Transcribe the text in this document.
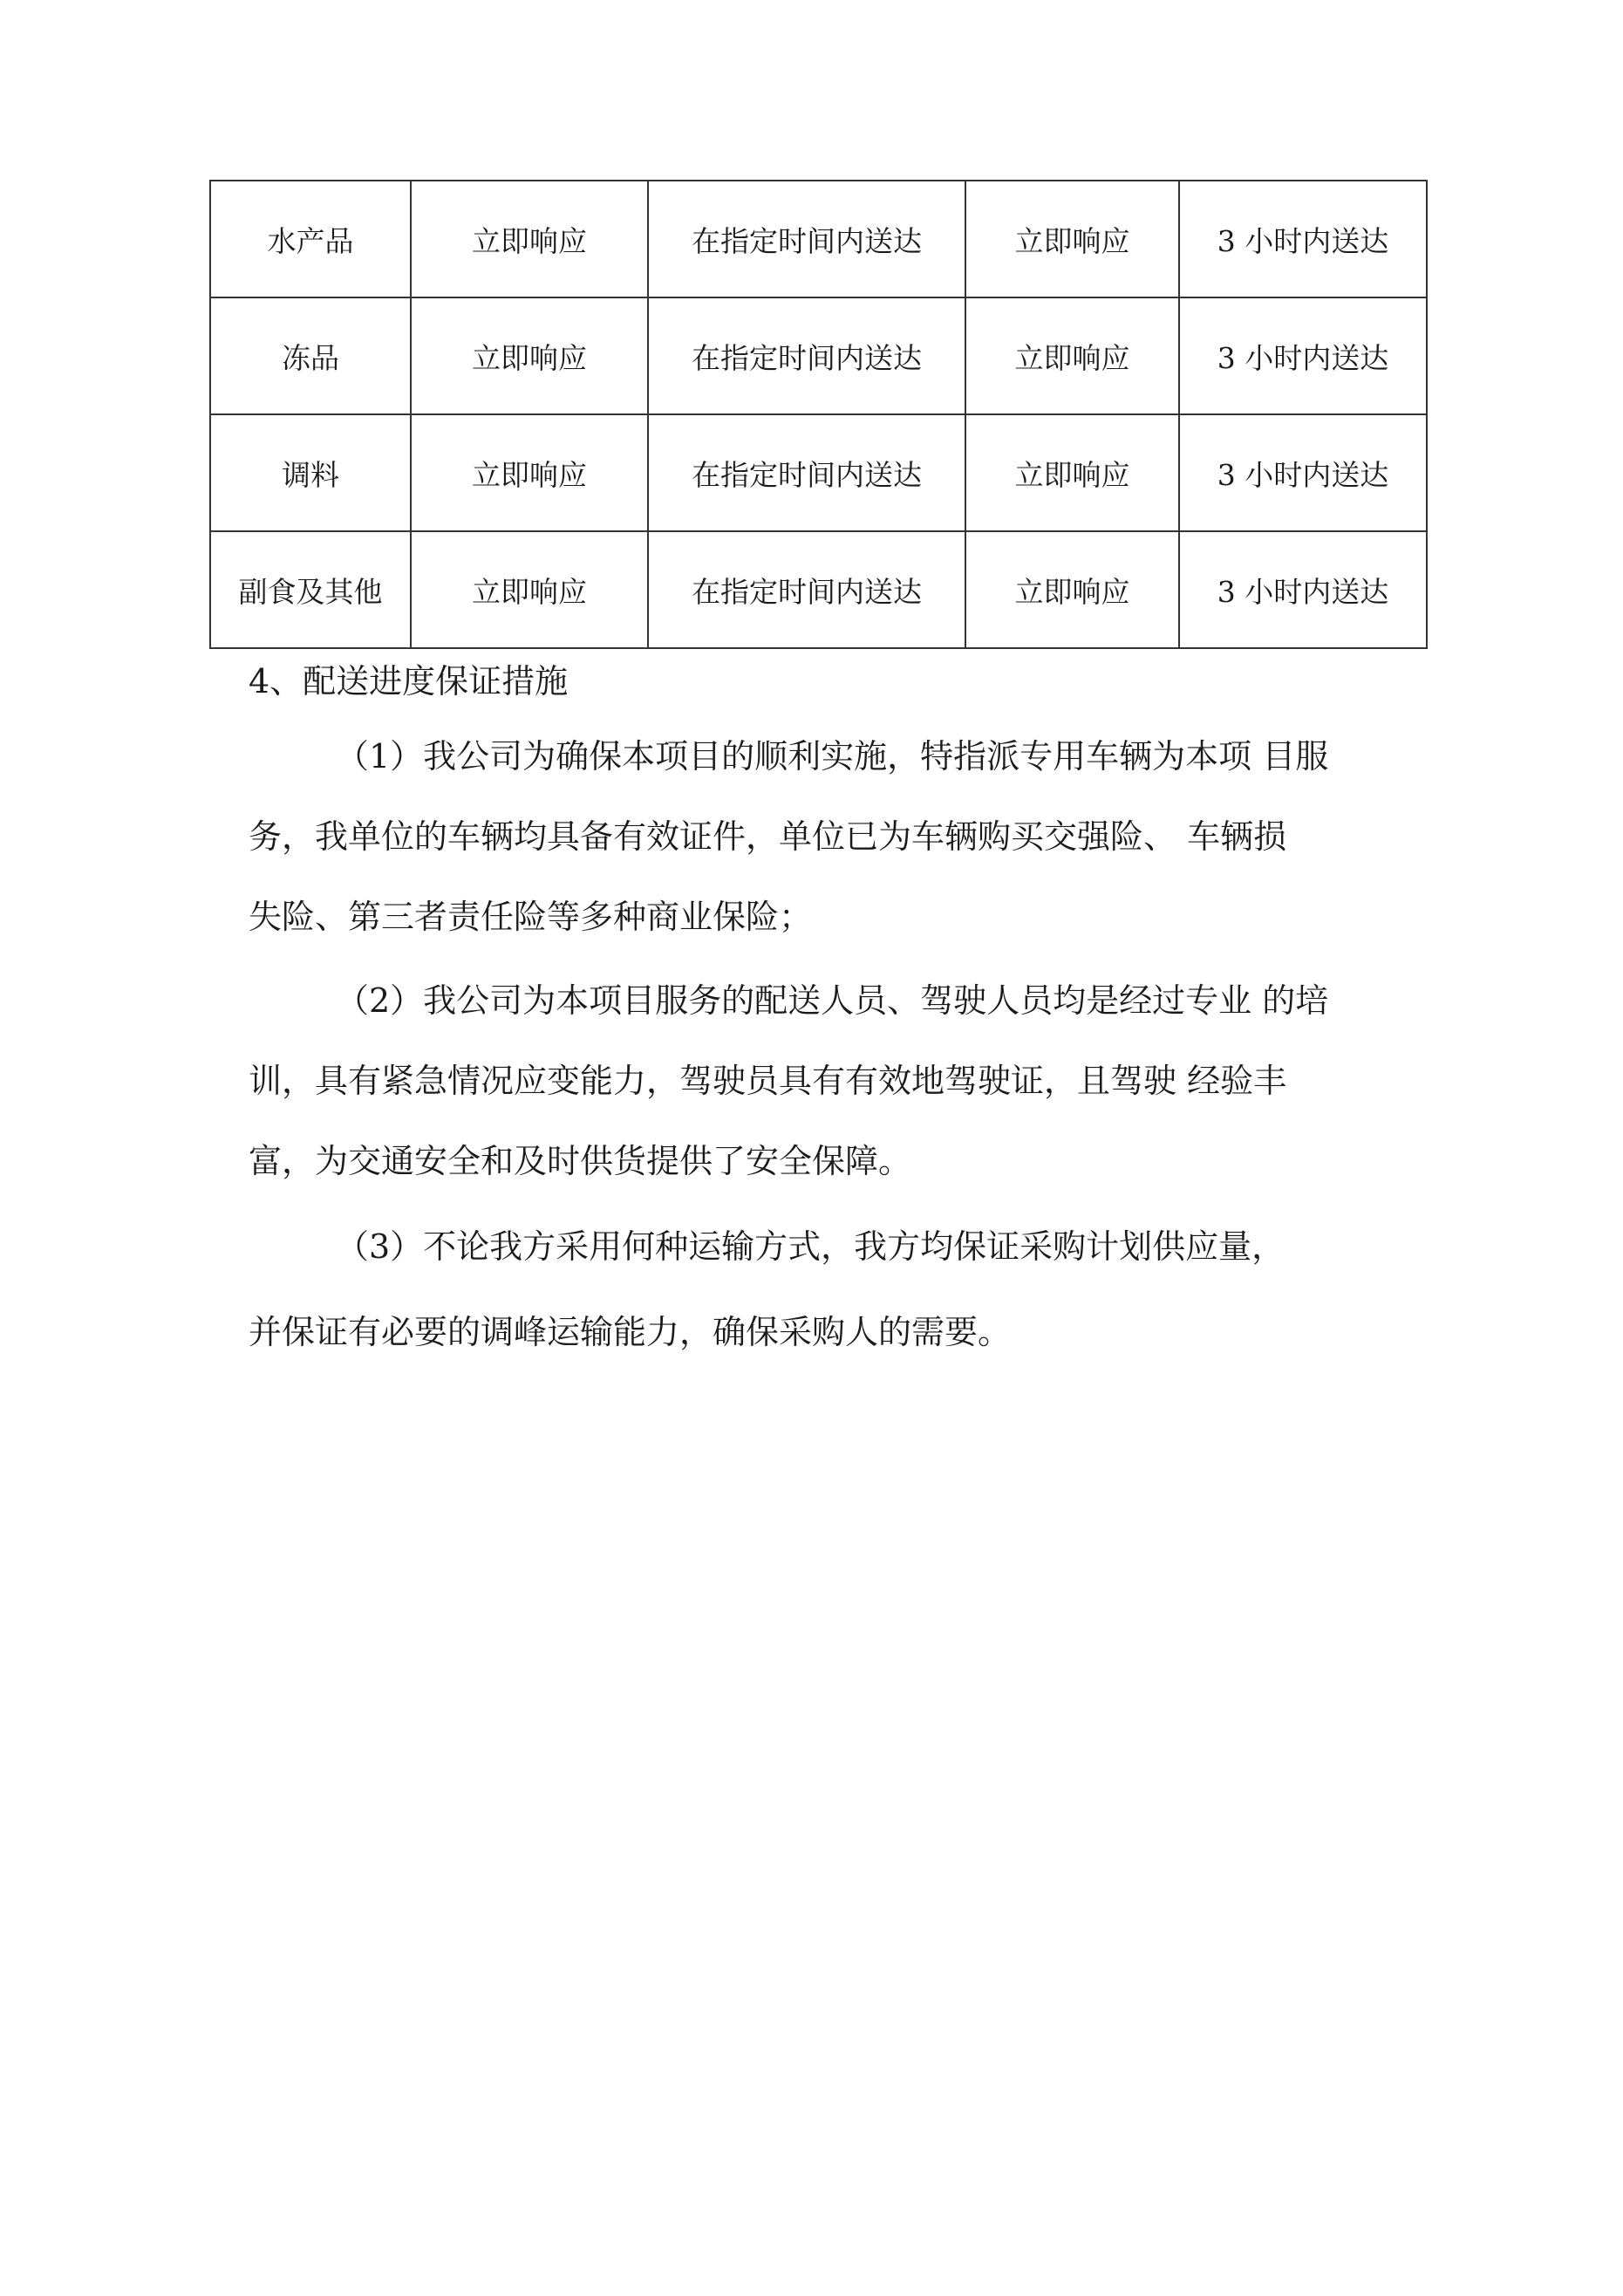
水产品	立即响应	在指定时间内送达	立即响应	3 小时内送达
冻品	立即响应	在指定时间内送达	立即响应	3 小时内送达
调料	立即响应	在指定时间内送达	立即响应	3 小时内送达
副食及其他	立即响应	在指定时间内送达	立即响应	3 小时内送达
4、配送进度保证措施
（1）我公司为确保本项目的顺利实施，特指派专用车辆为本项 目服
务，我单位的车辆均具备有效证件，单位已为车辆购买交强险、 车辆损
失险、第三者责任险等多种商业保险；
（2）我公司为本项目服务的配送人员、驾驶人员均是经过专业 的培
训，具有紧急情况应变能力，驾驶员具有有效地驾驶证，且驾驶 经验丰
富，为交通安全和及时供货提供了安全保障。
（3）不论我方采用何种运输方式，我方均保证采购计划供应量，
并保证有必要的调峰运输能力，确保采购人的需要。
